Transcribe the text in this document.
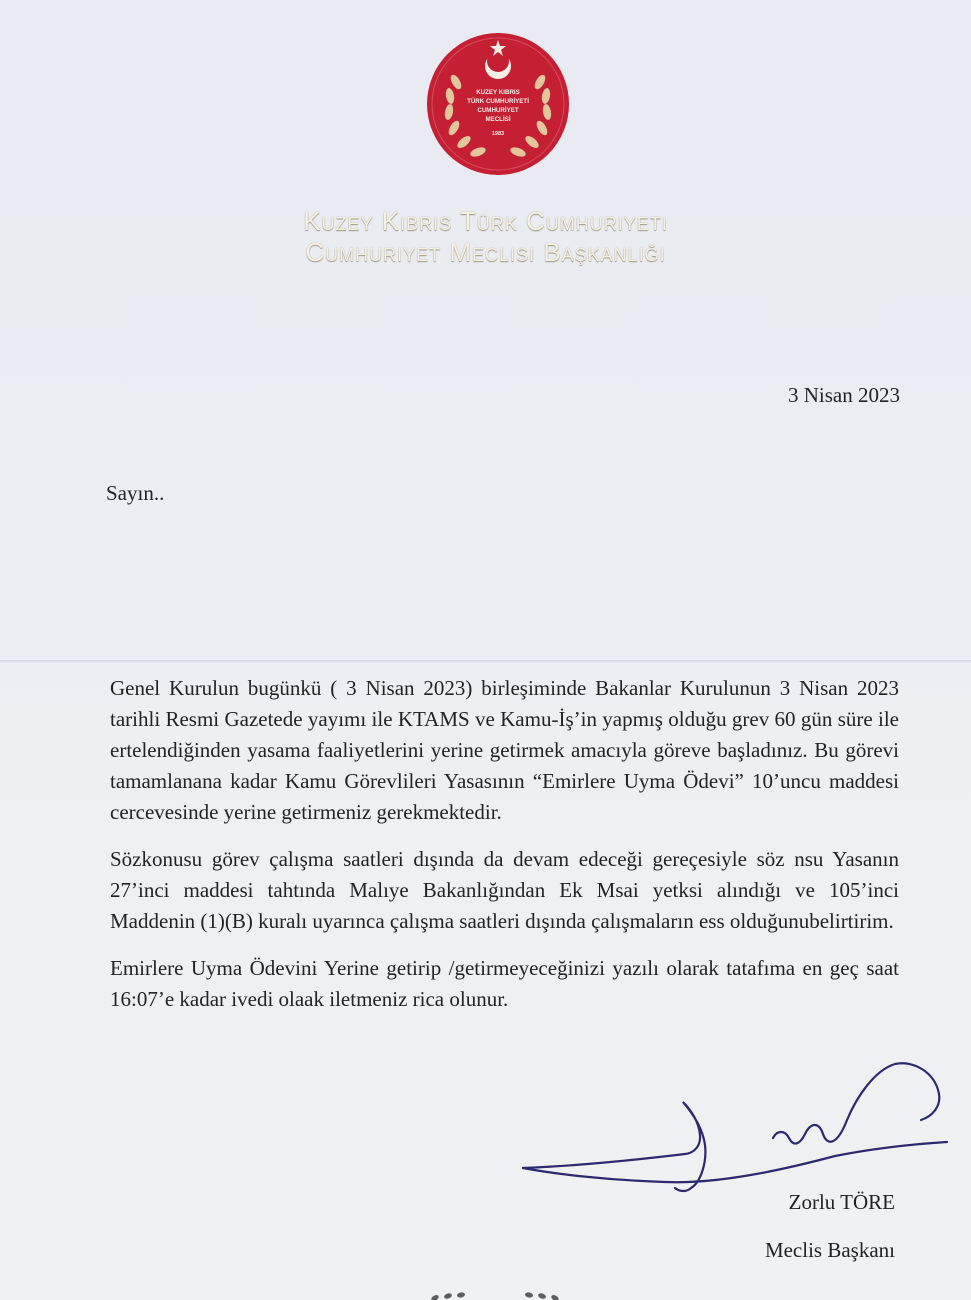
KUZEY KIBRIS
TÜRK CUMHURİYETİ
CUMHURİYET
MECLİSİ
1983
Kuzey Kıbrıs Türk Cumhuriyeti
Cumhuriyet Meclisi Başkanlığı
3 Nisan 2023
Sayın..

Genel Kurulun bugünkü ( 3 Nisan 2023) birleşiminde Bakanlar Kurulunun 3 Nisan 2023 tarihli Resmi Gazetede yayımı ile KTAMS ve Kamu-İş’in yapmış olduğu grev 60 gün süre ile ertelendiğinden yasama faaliyetlerini yerine getirmek amacıyla göreve başladınız. Bu görevi tamamlanana kadar Kamu Görevlileri Yasasının “Emirlere Uyma Ödevi” 10’uncu maddesi cercevesinde yerine getirmeniz gerekmektedir.

Sözkonusu görev çalışma saatleri dışında da devam edeceği gereçesiyle söz nsu Yasanın 27’inci maddesi tahtında Malıye Bakanlığından Ek Msai yetksi alındığı ve 105’inci Maddenin (1)(B) kuralı uyarınca çalışma saatleri dışında çalışmaların ess olduğunubelirtirim.

Emirlere Uyma Ödevini Yerine getirip /getirmeyeceğinizi yazılı olarak tatafıma en geç saat 16:07’e kadar ivedi olaak iletmeniz rica olunur.

Zorlu TÖRE
Meclis Başkanı
